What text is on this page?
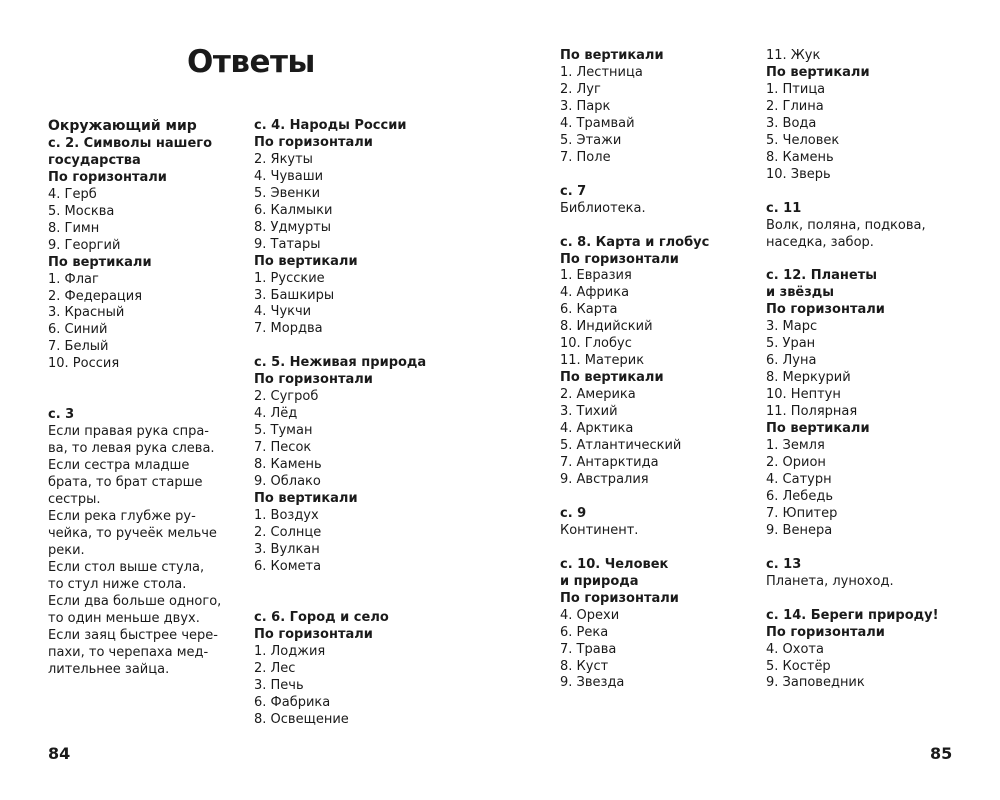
Ответы
Окружающий мир
с. 2. Символы нашего
государства
По горизонтали
4. Герб
5. Москва
8. Гимн
9. Георгий
По вертикали
1. Флаг
2. Федерация
3. Красный
6. Синий
7. Белый
10. Россия
с. 3
Если правая рука спра-
ва, то левая рука слева.
Если сестра младше
брата, то брат старше
сестры.
Если река глубже ру-
чейка, то ручеёк мельче
реки.
Если стол выше стула,
то стул ниже стола.
Если два больше одного,
то один меньше двух.
Если заяц быстрее чере-
пахи, то черепаха мед-
лительнее зайца.
с. 4. Народы России
По горизонтали
2. Якуты
4. Чуваши
5. Эвенки
6. Калмыки
8. Удмурты
9. Татары
По вертикали
1. Русские
3. Башкиры
4. Чукчи
7. Мордва
с. 5. Неживая природа
По горизонтали
2. Сугроб
4. Лёд
5. Туман
7. Песок
8. Камень
9. Облако
По вертикали
1. Воздух
2. Солнце
3. Вулкан
6. Комета
с. 6. Город и село
По горизонтали
1. Лоджия
2. Лес
3. Печь
6. Фабрика
8. Освещение
По вертикали
1. Лестница
2. Луг
3. Парк
4. Трамвай
5. Этажи
7. Поле
с. 7
Библиотека.
с. 8. Карта и глобус
По горизонтали
1. Евразия
4. Африка
6. Карта
8. Индийский
10. Глобус
11. Материк
По вертикали
2. Америка
3. Тихий
4. Арктика
5. Атлантический
7. Антарктида
9. Австралия
с. 9
Континент.
с. 10. Человек
и природа
По горизонтали
4. Орехи
6. Река
7. Трава
8. Куст
9. Звезда
11. Жук
По вертикали
1. Птица
2. Глина
3. Вода
5. Человек
8. Камень
10. Зверь
с. 11
Волк, поляна, подкова,
наседка, забор.
с. 12. Планеты
и звёзды
По горизонтали
3. Марс
5. Уран
6. Луна
8. Меркурий
10. Нептун
11. Полярная
По вертикали
1. Земля
2. Орион
4. Сатурн
6. Лебедь
7. Юпитер
9. Венера
с. 13
Планета, луноход.
с. 14. Береги природу!
По горизонтали
4. Охота
5. Костёр
9. Заповедник
84	85
